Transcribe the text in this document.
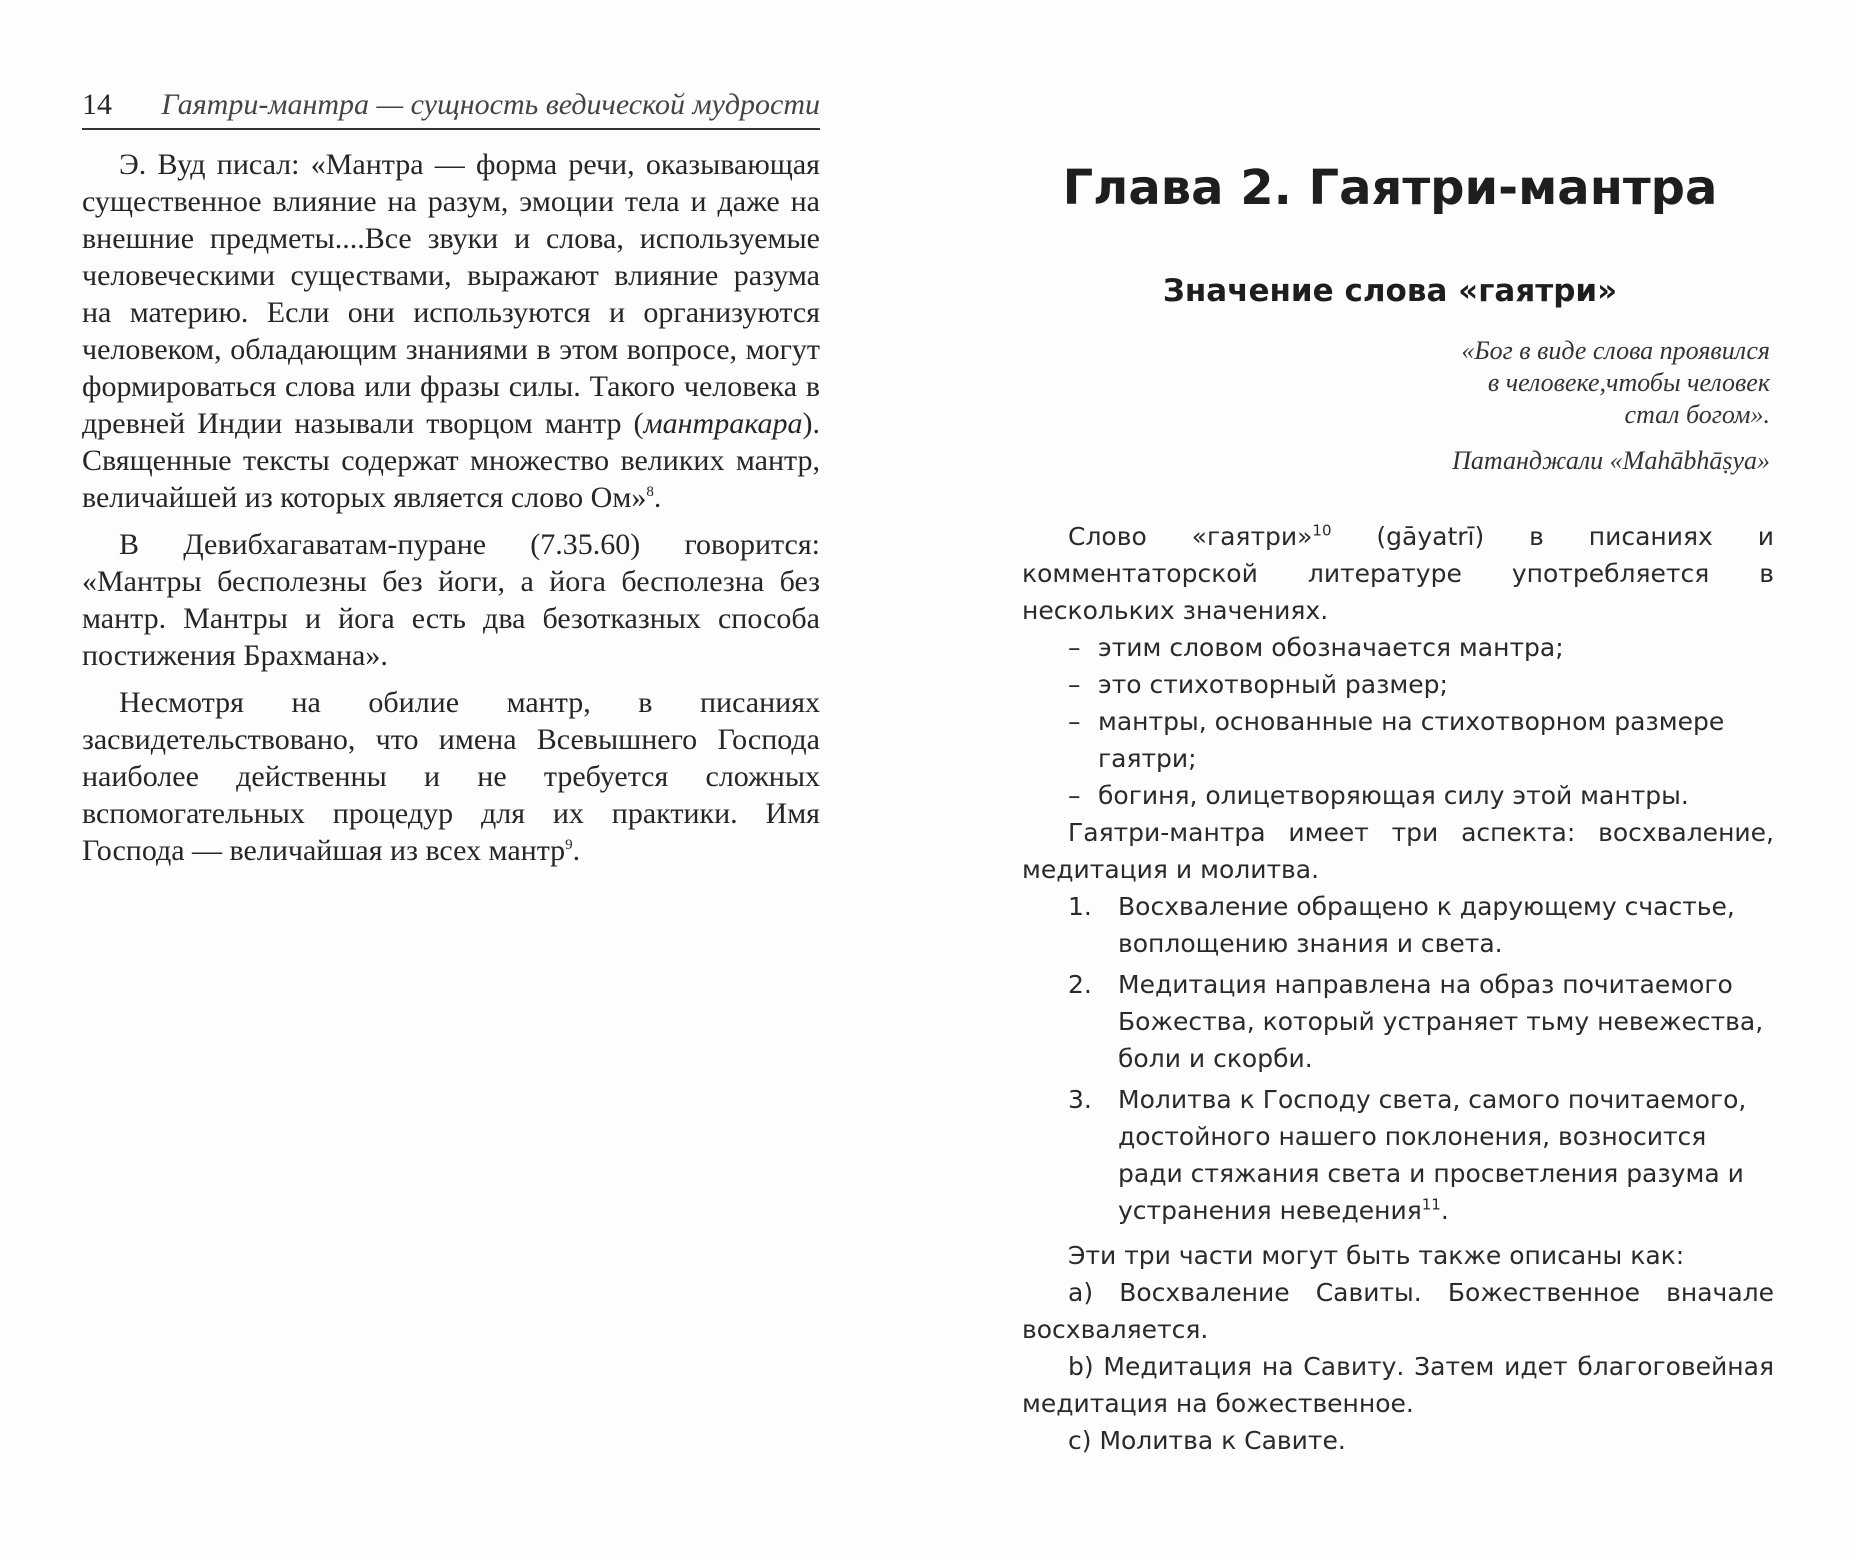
14	Гаятри-мантра — сущность ведической мудрости

Э. Вуд писал: «Мантра — форма речи, оказывающая существенное влияние на разум, эмоции тела и даже на внешние предметы....Все звуки и слова, используемые человеческими существами, выражают влияние разума на материю. Если они используются и организуются человеком, обладающим знаниями в этом вопросе, могут формироваться слова или фразы силы. Такого человека в древней Индии называли творцом мантр (мантракара). Священные тексты содержат множество великих мантр, величайшей из которых является слово Ом»$^8$.

В Девибхагаватам-пуране (7.35.60) говорится: «Мантры бесполезны без йоги, а йога бесполезна без мантр. Мантры и йога есть два безотказных способа постижения Брахмана».

Несмотря на обилие мантр, в писаниях засвидетельствовано, что имена Всевышнего Господа наиболее действенны и не требуется сложных вспомогательных процедур для их практики. Имя Господа — величайшая из всех мантр$^9$.

Глава 2. Гаятри-мантра
Значение слова «гаятри»
«Бог в виде слова проявился
в человеке,чтобы человек
стал богом».
Патанджали «Mahābhāṣya»

Слово «гаятри»$^{10}$ (gāyatrī) в писаниях и комментаторской литературе употребляется в нескольких значениях.

– этим словом обозначается мантра;
– это стихотворный размер;
– мантры, основанные на стихотворном размере гаятри;
– богиня, олицетворяющая силу этой мантры.

Гаятри-мантра имеет три аспекта: восхваление, медитация и молитва.

1.	Восхваление обращено к дарующему счастье, воплощению знания и света.
2.	Медитация направлена на образ почитаемого Божества, который устраняет тьму невежества, боли и скорби.
3.	Молитва к Господу света, самого почитаемого, достойного нашего поклонения, возносится ради стяжания света и просветления разума и устранения неведения$^{11}$.

Эти три части могут быть также описаны как:

a) Восхваление Савиты. Божественное вначале восхваляется.

b) Медитация на Савиту. Затем идет благоговейная медитация на божественное.

c) Молитва к Савите.
